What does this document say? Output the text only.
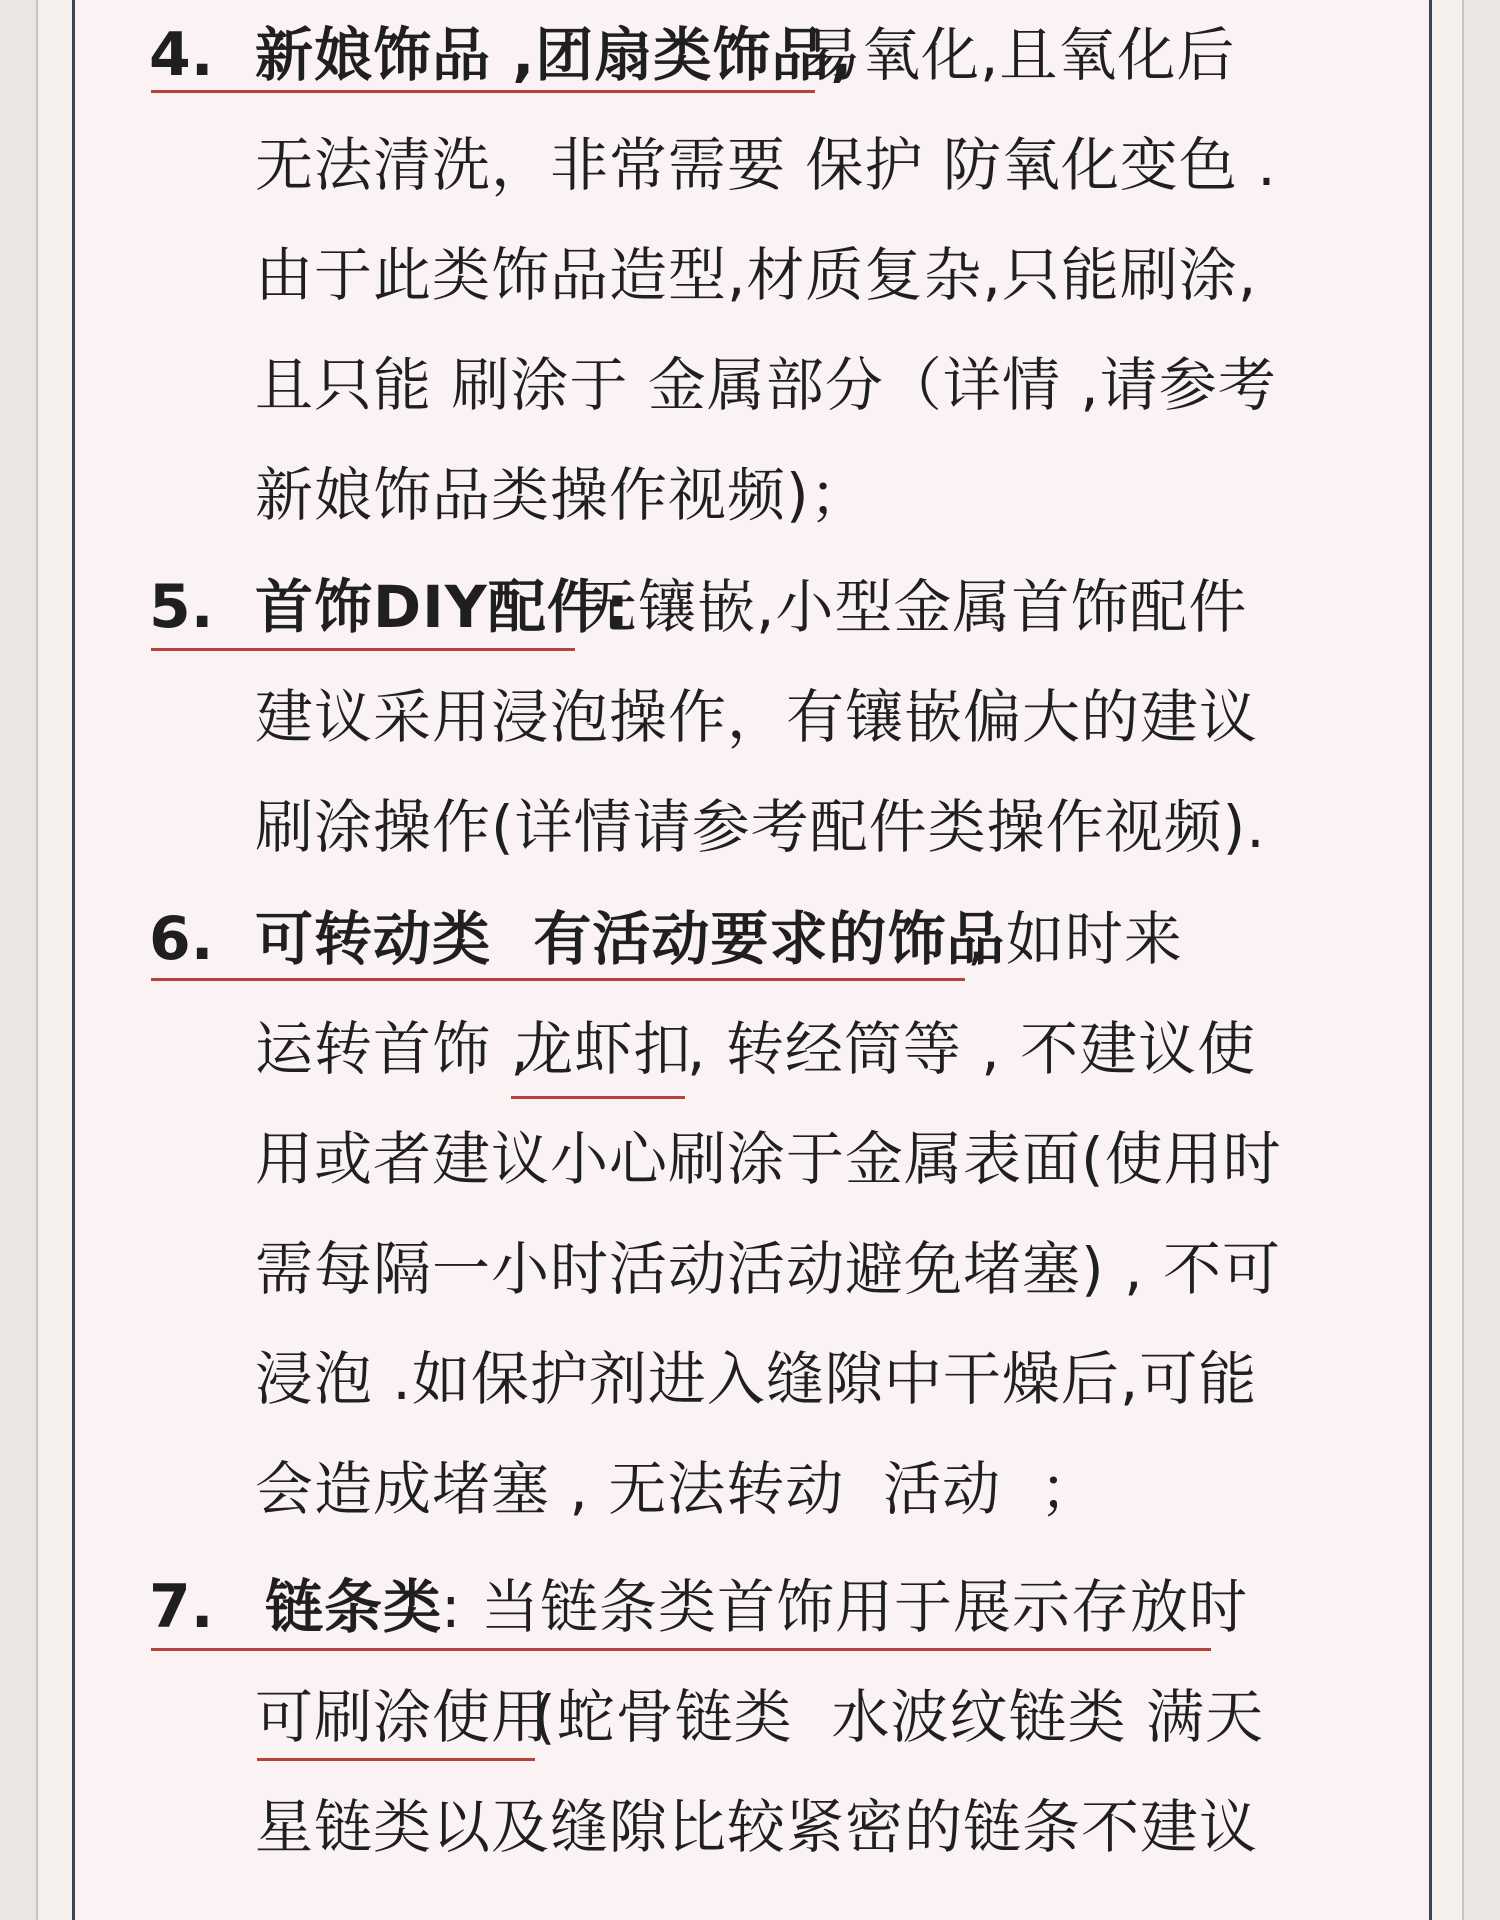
4. 新娘饰品 ,团扇类饰品,
易氧化,且氧化后
无法清洗，非常需要 保护 防氧化变色 .
由于此类饰品造型,材质复杂,只能刷涂,
且只能 刷涂于 金属部分（详情 ,请参考
新娘饰品类操作视频)；
5. 首饰DIY配件:
无镶嵌,小型金属首饰配件
建议采用浸泡操作，有镶嵌偏大的建议
刷涂操作(详情请参考配件类操作视频).
6. 可转动类  有活动要求的饰品
, 如时来
运转首饰 ,
龙虾扣
, 转经筒等 , 不建议使
用或者建议小心刷涂于金属表面(使用时
需每隔一小时活动活动避免堵塞) , 不可
浸泡 .如保护剂进入缝隙中干燥后,可能
会造成堵塞 , 无法转动  活动  ；
7. 链条类
: 当链条类首饰用于展示存放时
可刷涂使用
(蛇骨链类  水波纹链类 满天
星链类以及缝隙比较紧密的链条不建议
